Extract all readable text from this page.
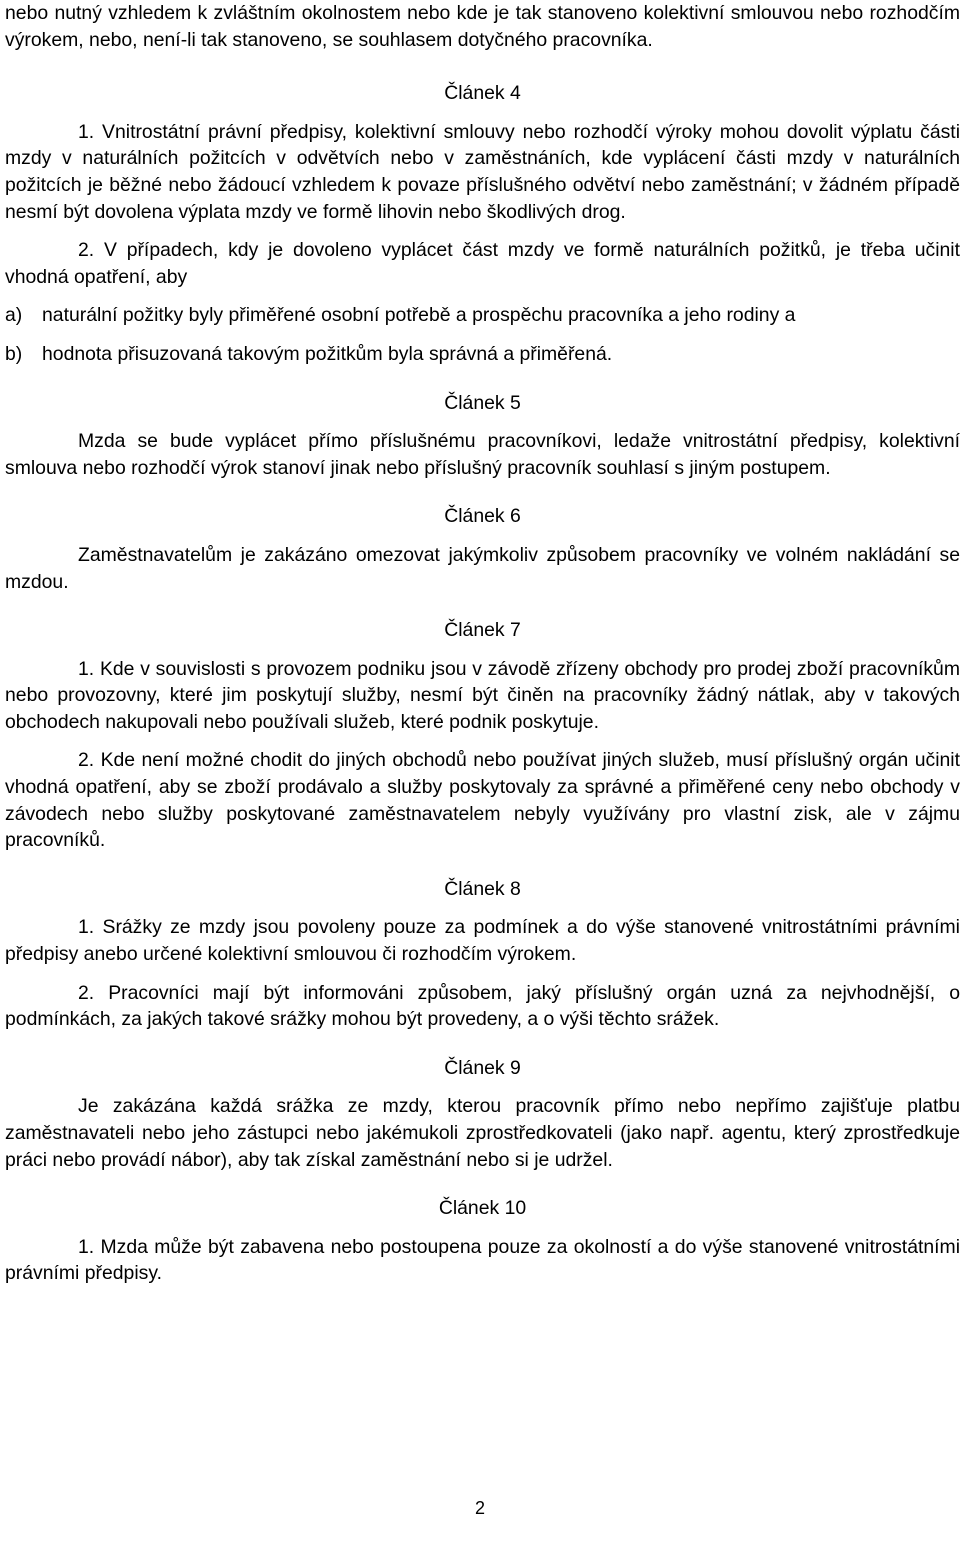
nebo nutný vzhledem k zvláštním okolnostem nebo kde je tak stanoveno kolektivní smlouvou nebo rozhodčím výrokem, nebo, není-li tak stanoveno, se souhlasem dotyčného pracovníka.

Článek 4

1. Vnitrostátní právní předpisy, kolektivní smlouvy nebo rozhodčí výroky mohou dovolit výplatu části mzdy v naturálních požitcích v odvětvích nebo v zaměstnáních, kde vyplácení části mzdy v naturálních požitcích je běžné nebo žádoucí vzhledem k povaze příslušného odvětví nebo zaměstnání; v žádném případě nesmí být dovolena výplata mzdy ve formě lihovin nebo škodlivých drog.

2. V případech, kdy je dovoleno vyplácet část mzdy ve formě naturálních požitků, je třeba učinit vhodná opatření, aby

a)	naturální požitky byly přiměřené osobní potřebě a prospěchu pracovníka a jeho rodiny a
b)	hodnota přisuzovaná takovým požitkům byla správná a přiměřená.
Článek 5

Mzda se bude vyplácet přímo příslušnému pracovníkovi, ledaže vnitrostátní předpisy, kolektivní smlouva nebo rozhodčí výrok stanoví jinak nebo příslušný pracovník souhlasí s jiným postupem.

Článek 6

Zaměstnavatelům je zakázáno omezovat jakýmkoliv způsobem pracovníky ve volném nakládání se mzdou.

Článek 7

1. Kde v souvislosti s provozem podniku jsou v závodě zřízeny obchody pro prodej zboží pracovníkům nebo provozovny, které jim poskytují služby, nesmí být činěn na pracovníky žádný nátlak, aby v takových obchodech nakupovali nebo používali služeb, které podnik poskytuje.

2. Kde není možné chodit do jiných obchodů nebo používat jiných služeb, musí příslušný orgán učinit vhodná opatření, aby se zboží prodávalo a služby poskytovaly za správné a přiměřené ceny nebo obchody v závodech nebo služby poskytované zaměstnavatelem nebyly využívány pro vlastní zisk, ale v zájmu pracovníků.

Článek 8

1. Srážky ze mzdy jsou povoleny pouze za podmínek a do výše stanovené vnitrostátními právními předpisy anebo určené kolektivní smlouvou či rozhodčím výrokem.

2. Pracovníci mají být informováni způsobem, jaký příslušný orgán uzná za nejvhodnější, o podmínkách, za jakých takové srážky mohou být provedeny, a o výši těchto srážek.

Článek 9

Je zakázána každá srážka ze mzdy, kterou pracovník přímo nebo nepřímo zajišťuje platbu zaměstnavateli nebo jeho zástupci nebo jakémukoli zprostředkovateli (jako např. agentu, který zprostředkuje práci nebo provádí nábor), aby tak získal zaměstnání nebo si je udržel.

Článek 10

1. Mzda může být zabavena nebo postoupena pouze za okolností a do výše stanovené vnitrostátními právními předpisy.

2
